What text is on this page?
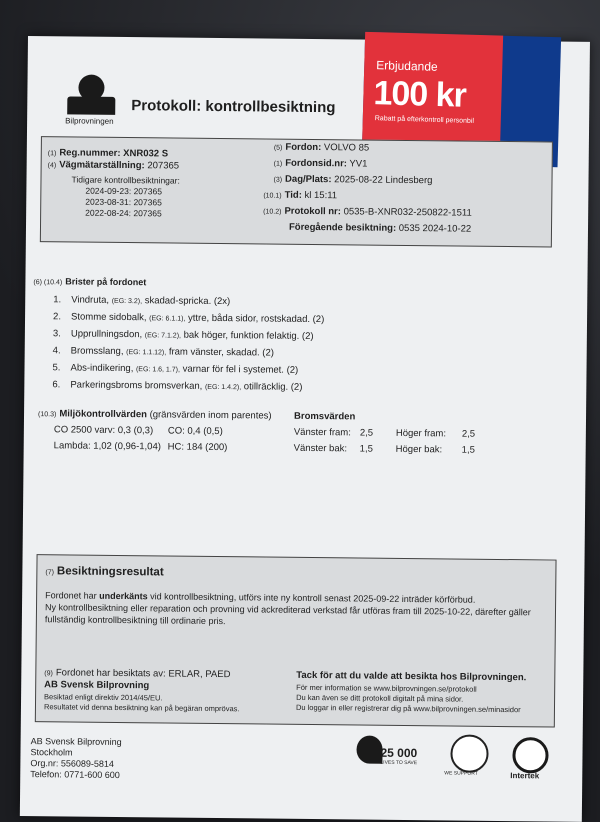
Bilprovningen
Protokoll: kontrollbesiktning
Erbjudande
100 kr
Rabatt på efterkontroll personbil
(1) Reg.nummer: XNR032 S
(4) Vägmätarställning: 207365
Tidigare kontrollbesiktningar:
2024-09-23: 207365
2023-08-31: 207365
2022-08-24: 207365
(5) Fordon: VOLVO 85
(1) Fordonsid.nr: YV1
(3) Dag/Plats: 2025-08-22 Lindesberg
(10.1) Tid: kl 15:11
(10.2) Protokoll nr: 0535-B-XNR032-250822-1511
Föregående besiktning: 0535 2024-10-22
(6) (10.4) Brister på fordonet
1. Vindruta, (EG: 3.2), skadad-spricka. (2x)
2. Stomme sidobalk, (EG: 6.1.1), yttre, båda sidor, rostskadad. (2)
3. Upprullningsdon, (EG: 7.1.2), bak höger, funktion felaktig. (2)
4. Bromsslang, (EG: 1.1.12), fram vänster, skadad. (2)
5. Abs-indikering, (EG: 1.6, 1.7), varnar för fel i systemet. (2)
6. Parkeringsbroms bromsverkan, (EG: 1.4.2), otillräcklig. (2)
(10.3) Miljökontrollvärden (gränsvärden inom parentes)
CO 2500 varv: 0,3 (0,3) CO: 0,4 (0,5)
Lambda: 1,02 (0,96-1,04) HC: 184 (200)
Bromsvärden
Vänster fram: 2,5 Höger fram: 2,5
Vänster bak: 1,5 Höger bak: 1,5
(7) Besiktningsresultat
Fordonet har underkänts vid kontrollbesiktning, utförs inte ny kontroll senast 2025-09-22 inträder körförbud.
Ny kontrollbesiktning eller reparation och provning vid ackrediterad verkstad får utföras fram till 2025-10-22, därefter gäller fullständig kontrollbesiktning till ordinarie pris.
(9) Fordonet har besiktats av: ERLAR, PAED
AB Svensk Bilprovning
Besiktad enligt direktiv 2014/45/EU.
Resultatet vid denna besiktning kan på begäran omprövas.
Tack för att du valde att besikta hos Bilprovningen.
För mer information se www.bilprovningen.se/protokoll
Du kan även se ditt protokoll digitalt på mina sidor.
Du loggar in eller registrerar dig på www.bilprovningen.se/minasidor
AB Svensk Bilprovning
Stockholm
Org.nr: 556089-5814
Telefon: 0771-600 600
25 000
LIVES TO SAVE
WE SUPPORT	Intertek
